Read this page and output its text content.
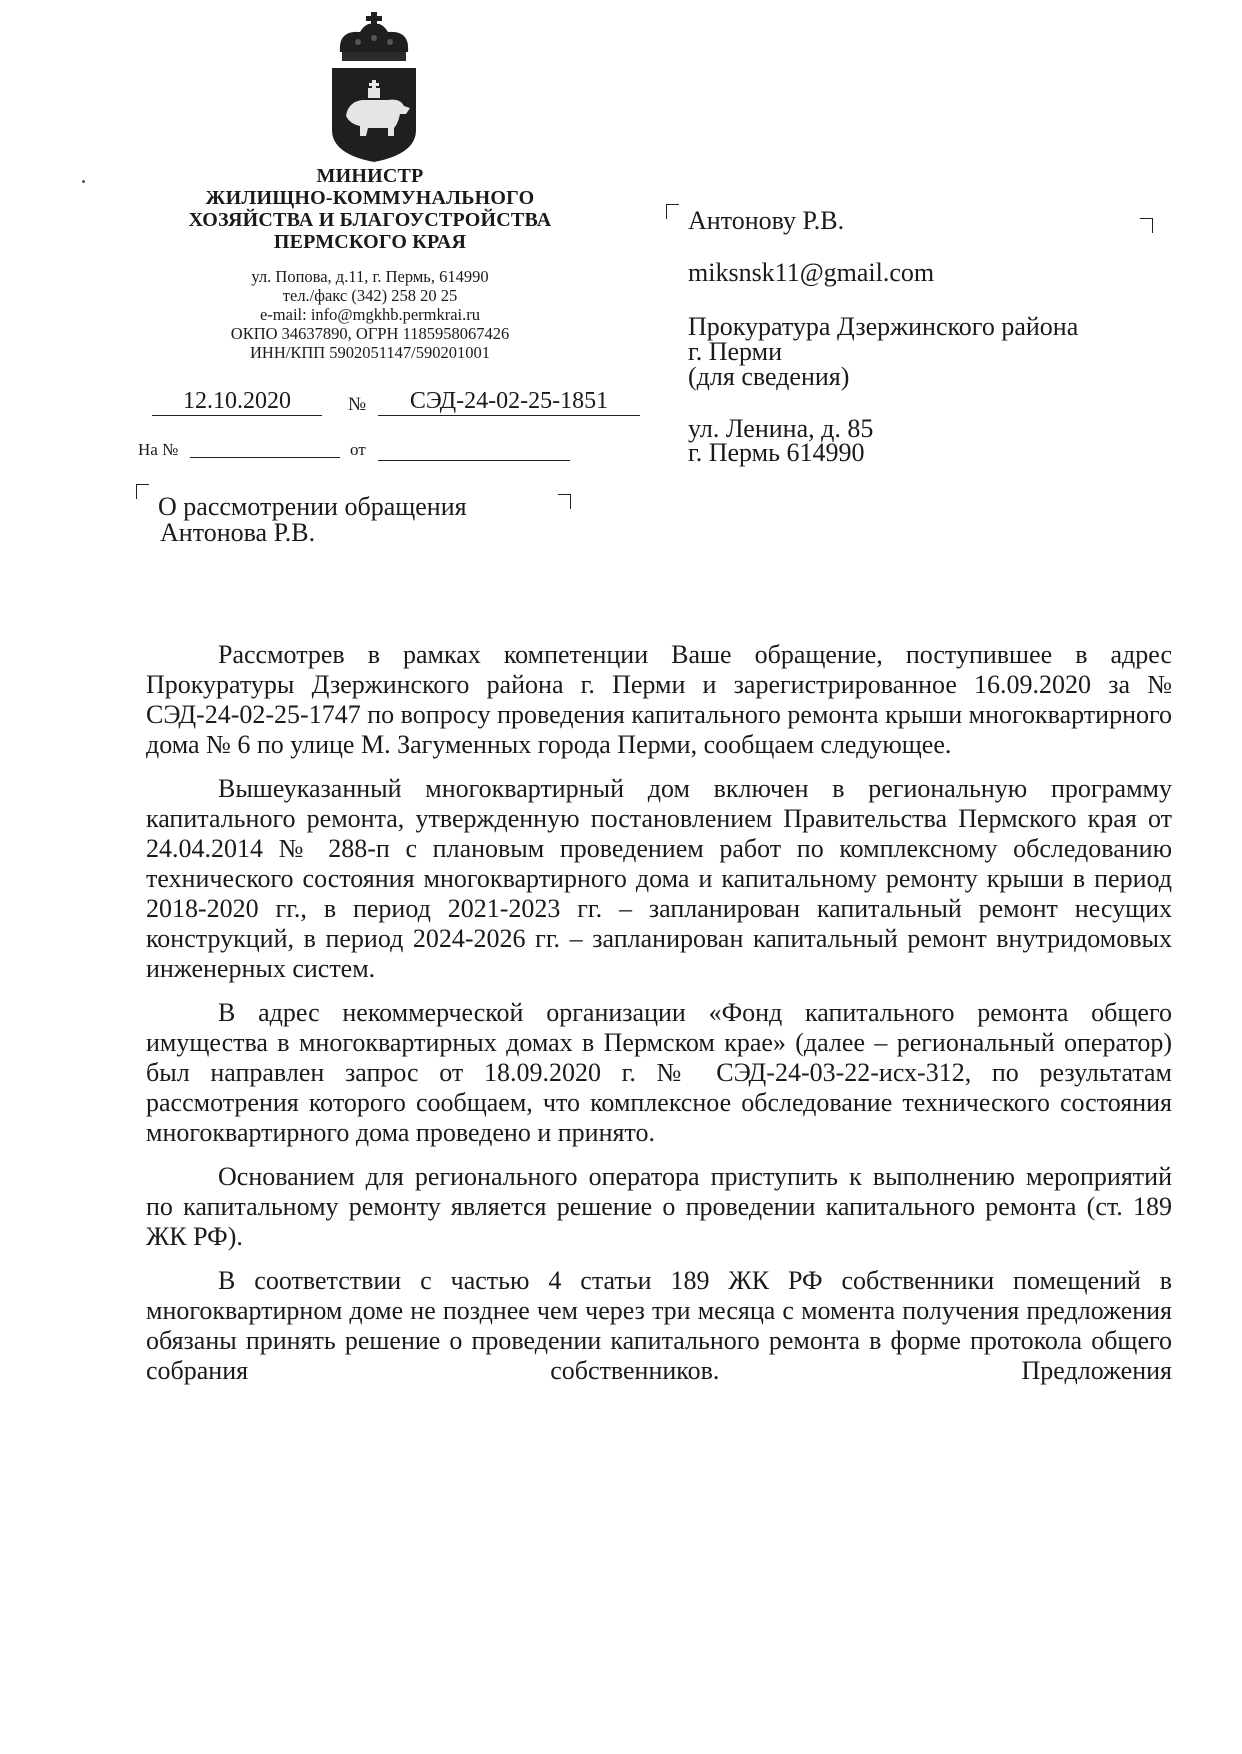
МИНИСТР
ЖИЛИЩНО-КОММУНАЛЬНОГО
ХОЗЯЙСТВА И БЛАГОУСТРОЙСТВА
ПЕРМСКОГО КРАЯ
ул. Попова, д.11, г. Пермь, 614990
тел./факс (342) 258 20 25
e-mail: info@mgkhb.permkrai.ru
ОКПО 34637890, ОГРН 1185958067426
ИНН/КПП 5902051147/590201001
12.10.2020	№	СЭД-24-02-25-1851
На №	от
О рассмотрении обращения
Антонова Р.В.
Антонову Р.В.
miksnsk11@gmail.com
Прокуратура Дзержинского района
г. Перми
(для сведения)
ул. Ленина, д. 85
г. Пермь 614990

Рассмотрев в рамках компетенции Ваше обращение, поступившее в адрес Прокуратуры Дзержинского района г. Перми и зарегистрированное 16.09.2020 за № СЭД-24-02-25-1747 по вопросу проведения капитального ремонта крыши многоквартирного дома № 6 по улице М. Загуменных города Перми, сообщаем следующее.

Вышеуказанный многоквартирный дом включен в региональную программу капитального ремонта, утвержденную постановлением Правительства Пермского края от 24.04.2014 № 288-п с плановым проведением работ по комплексному обследованию технического состояния многоквартирного дома и капитальному ремонту крыши в период 2018-2020 гг., в период 2021-2023 гг. – запланирован капитальный ремонт несущих конструкций, в период 2024-2026 гг. – запланирован капитальный ремонт внутридомовых инженерных систем.

В адрес некоммерческой организации «Фонд капитального ремонта общего имущества в многоквартирных домах в Пермском крае» (далее – региональный оператор) был направлен запрос от 18.09.2020 г. № СЭД-24-03-22-исх-312, по результатам рассмотрения которого сообщаем, что комплексное обследование технического состояния многоквартирного дома проведено и принято.

Основанием для регионального оператора приступить к выполнению мероприятий по капитальному ремонту является решение о проведении капитального ремонта (ст. 189 ЖК РФ).

В соответствии с частью 4 статьи 189 ЖК РФ собственники помещений в многоквартирном доме не позднее чем через три месяца с момента получения предложения обязаны принять решение о проведении капитального ремонта в форме протокола общего собрания собственников. Предложения
